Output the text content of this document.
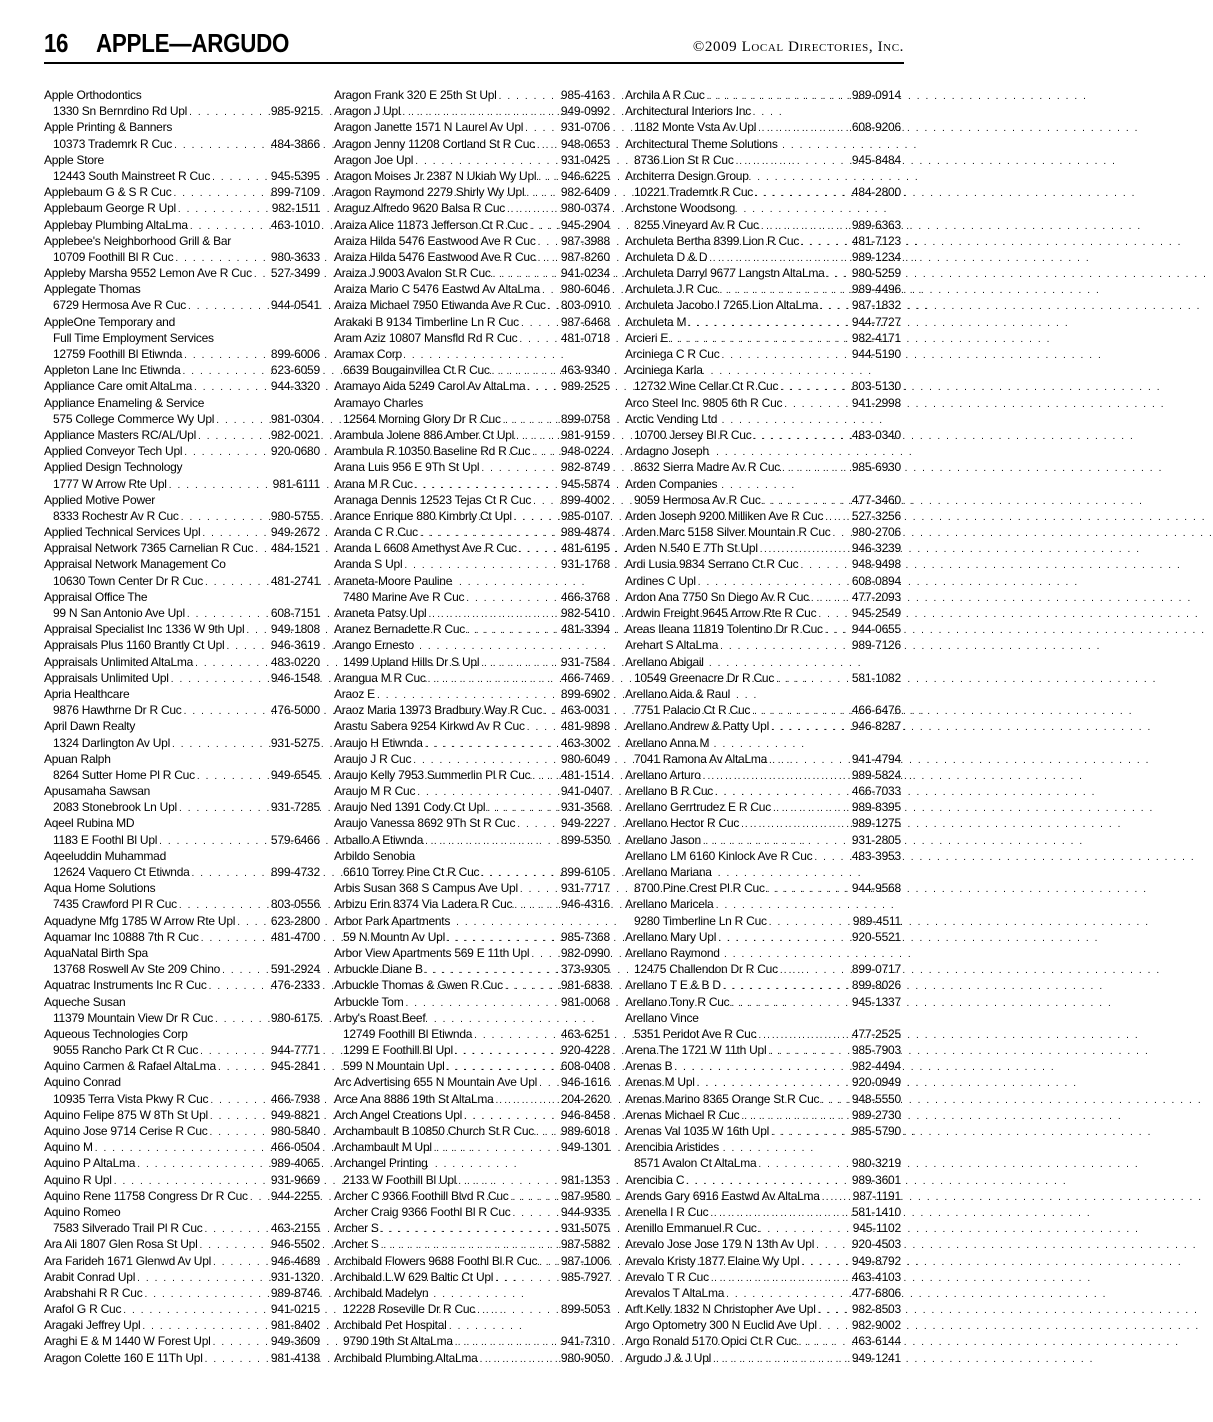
16 APPLE—ARGUDO	©2009 Local Directories, Inc.
Apple Orthodontics
1330 Sn Bernrdino Rd Upl . . .	985-9215
Apple Printing & Banners
10373 Trademrk R Cuc . . .	484-3866
Apple Store
12443 South Mainstreet R Cuc . . .	945-5395
Applebaum G & S R Cuc . . .	899-7109
Applebaum George R Upl . . .	982-1511
Applebay Plumbing AltaLma . . .	463-1010
Applebee's Neighborhood Grill & Bar
10709 Foothill Bl R Cuc . . .	980-3633
Appleby Marsha 9552 Lemon Ave R Cuc . . . 527-3499
Applegate Thomas
6729 Hermosa Ave R Cuc . . .	944-0541
AppleOne Temporary and
Full Time Employment Services
12759 Foothill Bl Etiwnda . . .	899-6006
Appleton Lane Inc Etiwnda . . .	623-6059
Appliance Care omit AltaLma . . .	944-3320
Appliance Enameling & Service
575 College Commerce Wy Upl . . .	981-0304
Appliance Masters RC/AL/Upl . . .	982-0021
Applied Conveyor Tech Upl . . .	920-0680
Applied Design Technology
1777 W Arrow Rte Upl . . .	981-6111
Applied Motive Power
8333 Rochestr Av R Cuc . . .	980-5755
Applied Technical Services Upl . . .	949-2672
Appraisal Network 7365 Carnelian R Cuc . . . 484-1521
Appraisal Network Management Co
10630 Town Center Dr R Cuc . . .	481-2741
Appraisal Office The
99 N San Antonio Ave Upl . . .	608-7151
Appraisal Specialist Inc 1336 W 9th Upl . . . 949-1808
Appraisals Plus 1160 Brantly Ct Upl . . .	946-3619
Appraisals Unlimited AltaLma . . .	483-0220
Appraisals Unlimited Upl . . .	946-1548
Apria Healthcare
9876 Hawthrne Dr R Cuc . . .	476-5000
April Dawn Realty
1324 Darlington Av Upl . . .	931-5275
Apuan Ralph
8264 Sutter Home Pl R Cuc . . .	949-6545
Apusamaha Sawsan
2083 Stonebrook Ln Upl . . .	931-7285
Aqeel Rubina MD
1183 E Foothl Bl Upl . . .	579-6466
Aqeeluddin Muhammad
12624 Vaquero Ct Etiwnda . . .	899-4732
Aqua Home Solutions
7435 Crawford Pl R Cuc . . .	803-0556
Aquadyne Mfg 1785 W Arrow Rte Upl . . .	623-2800
Aquamar Inc 10888 7th R Cuc . . .	481-4700
AquaNatal Birth Spa
13768 Roswell Av Ste 209 Chino . . .	591-2924
Aquatrac Instruments Inc R Cuc . . .	476-2333
Aqueche Susan
11379 Mountain View Dr R Cuc . . .	980-6175
Aqueous Technologies Corp
9055 Rancho Park Ct R Cuc . . .	944-7771
Aquino Carmen & Rafael AltaLma . . .	945-2841
Aquino Conrad
10935 Terra Vista Pkwy R Cuc . . .	466-7938
Aquino Felipe 875 W 8Th St Upl . . .	949-8821
Aquino Jose 9714 Cerise R Cuc . . .	980-5840
Aquino M . . .	466-0504
Aquino P AltaLma . . .	989-4065
Aquino R Upl . . .	931-9669
Aquino Rene 11758 Congress Dr R Cuc . . . 944-2255
Aquino Romeo
7583 Silverado Trail Pl R Cuc . . .	463-2155
Ara Ali 1807 Glen Rosa St Upl . . .	946-5502
Ara Farideh 1671 Glenwd Av Upl . . .	946-4689
Arabit Conrad Upl . . .	931-1320
Arabshahi R R Cuc . . .	989-8746
Arafol G R Cuc . . .	941-0215
Aragaki Jeffrey Upl . . .	981-8402
Araghi E & M 1440 W Forest Upl . . .	949-3609
Aragon Colette 160 E 11Th Upl . . .	981-4138
Aragon Frank 320 E 25th St Upl . . .	985-4163
Aragon J Upl . . .	949-0992
Aragon Janette 1571 N Laurel Av Upl . . .	931-0706
Aragon Jenny 11208 Cortland St R Cuc . . . 948-0653
Aragon Joe Upl . . .	931-0425
Aragon Moises Jr 2387 N Ukiah Wy Upl . . . 946-6225
Aragon Raymond 2279 Shirly Wy Upl . . .	982-6409
Araguz Alfredo 9620 Balsa R Cuc . . .	980-0374
Araiza Alice 11873 Jefferson Ct R Cuc . . .	945-2904
Araiza Hilda 5476 Eastwood Ave R Cuc . . . 987-3988
Araiza Hilda 5476 Eastwood Ave R Cuc . . . 987-8260
Araiza J 9003 Avalon St R Cuc . . .	941-0234
Araiza Mario C 5476 Eastwd Av AltaLma . . . 980-6046
Araiza Michael 7950 Etiwanda Ave R Cuc . . . 803-0910
Arakaki B 9134 Timberline Ln R Cuc . . .	987-6468
Aram Aziz 10807 Mansfld Rd R Cuc . . .	481-0718
Aramax Corp
6639 Bougainvillea Ct R Cuc . . .	463-9340
Aramayo Aida 5249 Carol Av AltaLma . . .	989-2525
Aramayo Charles
12564 Morning Glory Dr R Cuc . . .	899-0758
Arambula Jolene 886 Amber Ct Upl . . .	981-9159
Arambula R 10350 Baseline Rd R Cuc . . .	948-0224
Arana Luis 956 E 9Th St Upl . . .	982-8749
Arana M R Cuc . . .	945-5874
Aranaga Dennis 12523 Tejas Ct R Cuc . . . 899-4002
Arance Enrique 880 Kimbrly Ct Upl . . .	985-0107
Aranda C R Cuc . . .	989-4874
Aranda L 6608 Amethyst Ave R Cuc . . .	481-6195
Aranda S Upl . . .	931-1768
Araneta-Moore Pauline
7480 Marine Ave R Cuc . . .	466-3768
Araneta Patsy Upl . . .	982-5410
Aranez Bernadette R Cuc . . .	481-3394
Arango Ernesto
1499 Upland Hills Dr S Upl . . .	931-7584
Arangua M R Cuc . . .	466-7469
Araoz E . . .	899-6902
Araoz Maria 13973 Bradbury Way R Cuc . . . 463-0031
Arastu Sabera 9254 Kirkwd Av R Cuc . . .	481-9898
Araujo H Etiwnda . . .	463-3002
Araujo J R Cuc . . .	980-6049
Araujo Kelly 7953 Summerlin Pl R Cuc . . .	481-1514
Araujo M R Cuc . . .	941-0407
Araujo Ned 1391 Cody Ct Upl . . .	931-3568
Araujo Vanessa 8692 9Th St R Cuc . . .	949-2227
Arballo A Etiwnda . . .	899-5350
Arbildo Senobia
6610 Torrey Pine Ct R Cuc . . .	899-6105
Arbis Susan 368 S Campus Ave Upl . . .	931-7717
Arbizu Erin 8374 Via Ladera R Cuc . . .	946-4316
Arbor Park Apartments
59 N Mountn Av Upl . . .	985-7368
Arbor View Apartments 569 E 11th Upl . . .	982-0990
Arbuckle Diane B . . .	373-9305
Arbuckle Thomas & Gwen R Cuc . . .	981-6838
Arbuckle Tom . . .	981-0068
Arby's Roast Beef
12749 Foothill Bl Etiwnda . . .	463-6251
1299 E Foothill Bl Upl . . .	920-4228
599 N Mountain Upl . . .	608-0408
Arc Advertising 655 N Mountain Ave Upl . . . 946-1616
Arce Ana 8886 19th St AltaLma . . .	204-2620
Arch Angel Creations Upl . . .	946-8458
Archambault B 10850 Church St R Cuc . . . 989-6018
Archambault M Upl . . .	949-1301
Archangel Printing
2133 W Foothill Bl Upl . . .	981-1353
Archer C 9366 Foothill Blvd R Cuc . . .	987-9580
Archer Craig 9366 Foothl Bl R Cuc . . .	944-9335
Archer S . . .	931-5075
Archer S . . .	987-5882
Archibald Flowers 9688 Foothl Bl R Cuc . . . 987-1006
Archibald L W 629 Baltic Ct Upl . . .	985-7927
Archibald Madelyn
12228 Roseville Dr R Cuc . . .	899-5053
Archibald Pet Hospital
9790 19th St AltaLma . . .	941-7310
Archibald Plumbing AltaLma . . .	980-9050
Archila A R Cuc . . .	989-0914
Architectural Interiors Inc
1182 Monte Vsta Av Upl . . .	608-9206
Architectural Theme Solutions
8736 Lion St R Cuc . . .	945-8484
Architerra Design Group
10221 Trademrk R Cuc . . .	484-2800
Archstone Woodsong
8255 Vineyard Av R Cuc . . .	989-6363
Archuleta Bertha 8399 Lion R Cuc . . .	481-7123
Archuleta D & D . . .	989-1234
Archuleta Darryl 9677 Langstn AltaLma . . . 980-5259
Archuleta J R Cuc . . .	989-4496
Archuleta Jacobo I 7265 Lion AltaLma . . .	987-1832
Archuleta M . . .	944-7727
Arcieri E . . .	982-4171
Arciniega C R Cuc . . .	944-5190
Arciniega Karla
12732 Wine Cellar Ct R Cuc . . .	803-5130
Arco Steel Inc. 9805 6th R Cuc . . .	941-2998
Arctic Vending Ltd
10700 Jersey Bl R Cuc . . .	483-0340
Ardagno Joseph
8632 Sierra Madre Av R Cuc . . .	985-6930
Arden Companies
9059 Hermosa Av R Cuc . . .	477-3460
Arden Joseph 9200 Milliken Ave R Cuc . . . 527-3256
Arden Marc 5158 Silver Mountain R Cuc . . . 980-2706
Arden N 540 E 7Th St Upl . . .	946-3239
Ardi Lusia 9834 Serrano Ct R Cuc . . .	948-9498
Ardines C Upl . . .	608-0894
Ardon Ana 7750 Sn Diego Av R Cuc . . .	477-2093
Ardwin Freight 9645 Arrow Rte R Cuc . . .	945-2549
Areas Ileana 11819 Tolentino Dr R Cuc . . . 944-0655
Arehart S AltaLma . . .	989-7126
Arellano Abigail
10549 Greenacre Dr R Cuc . . .	581-1082
Arellano Aida & Raul
7751 Palacio Ct R Cuc . . .	466-6476
Arellano Andrew & Patty Upl . . .	946-8287
Arellano Anna M
7041 Ramona Av AltaLma . . .	941-4794
Arellano Arturo . . .	989-5824
Arellano B R Cuc . . .	466-7033
Arellano Gerrtrudez E R Cuc . . .	989-8395
Arellano Hector R Cuc . . .	989-1275
Arellano Jason . . .	931-2805
Arellano LM 6160 Kinlock Ave R Cuc . . .	483-3953
Arellano Mariana
8700 Pine Crest Pl R Cuc . . .	944-9568
Arellano Maricela
9280 Timberline Ln R Cuc . . .	989-4511
Arellano Mary Upl . . .	920-5521
Arellano Raymond
12475 Challendon Dr R Cuc . . .	899-0717
Arellano T E & B D . . .	899-8026
Arellano Tony R Cuc . . .	945-1337
Arellano Vince
5351 Peridot Ave R Cuc . . .	477-2525
Arena The 1721 W 11th Upl . . .	985-7903
Arenas B . . .	982-4494
Arenas M Upl . . .	920-0949
Arenas Marino 8365 Orange St R Cuc . . .	948-5550
Arenas Michael R Cuc . . .	989-2730
Arenas Val 1035 W 16th Upl . . .	985-5790
Arencibia Aristides
8571 Avalon Ct AltaLma . . .	980-3219
Arencibia C . . .	989-3601
Arends Gary 6916 Eastwd Av AltaLma . . .	987-1191
Arenella I R Cuc . . .	581-1410
Arenillo Emmanuel R Cuc . . .	945-1102
Arevalo Jose Jose 179 N 13th Av Upl . . .	920-4503
Arevalo Kristy 1877 Elaine Wy Upl . . .	949-8792
Arevalo T R Cuc . . .	463-4103
Arevalos T AltaLma . . .	477-6806
Arft Kelly 1832 N Christopher Ave Upl . . .	982-8503
Argo Optometry 300 N Euclid Ave Upl . . .	982-9002
Argo Ronald 5170 Opici Ct R Cuc . . .	463-6144
Argudo J & J Upl . . .	949-1241
